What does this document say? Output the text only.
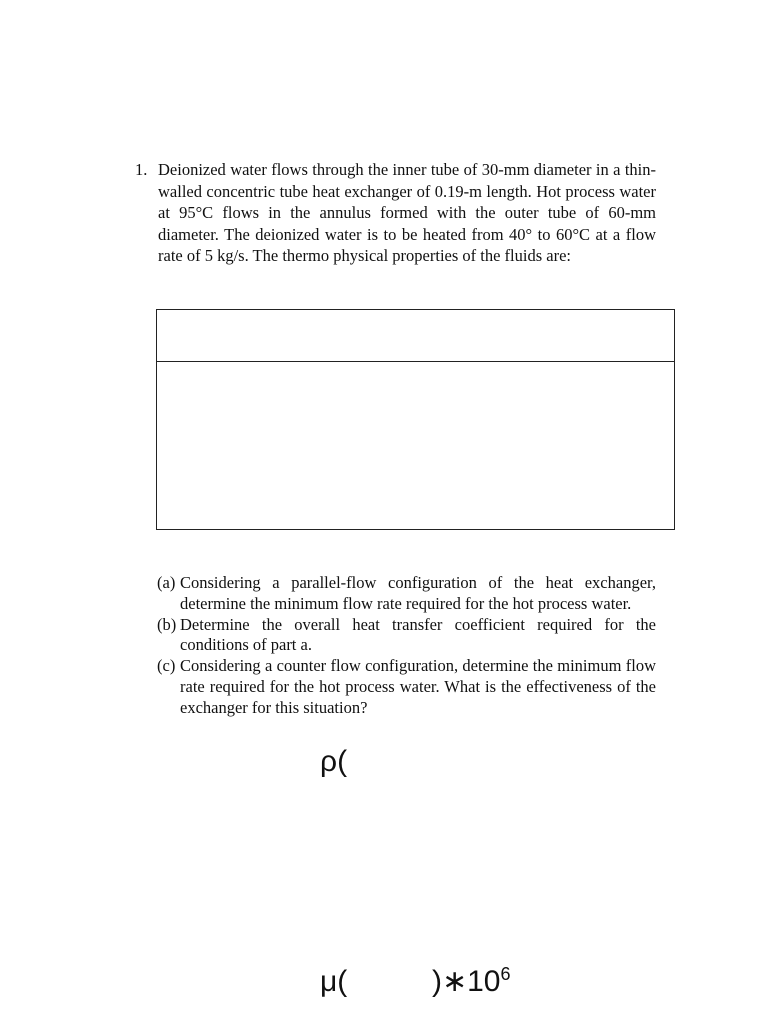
1. Deionized water flows through the inner tube of 30-mm diameter in a thin-walled concentric tube heat exchanger of 0.19-m length. Hot process water at 95°C flows in the annulus formed with the outer tube of 60-mm diameter. The deionized water is to be heated from 40° to 60°C at a flow rate of 5 kg/s. The thermo physical properties of the fluids are:
(a) Considering a parallel-flow configuration of the heat exchanger, determine the minimum flow rate required for the hot process water.
(b) Determine the overall heat transfer coefficient required for the conditions of part a.
(c) Considering a counter flow configuration, determine the minimum flow rate required for the hot process water. What is the effectiveness of the exchanger for this situation?
ρ(
μ(	)$∗10^6$
